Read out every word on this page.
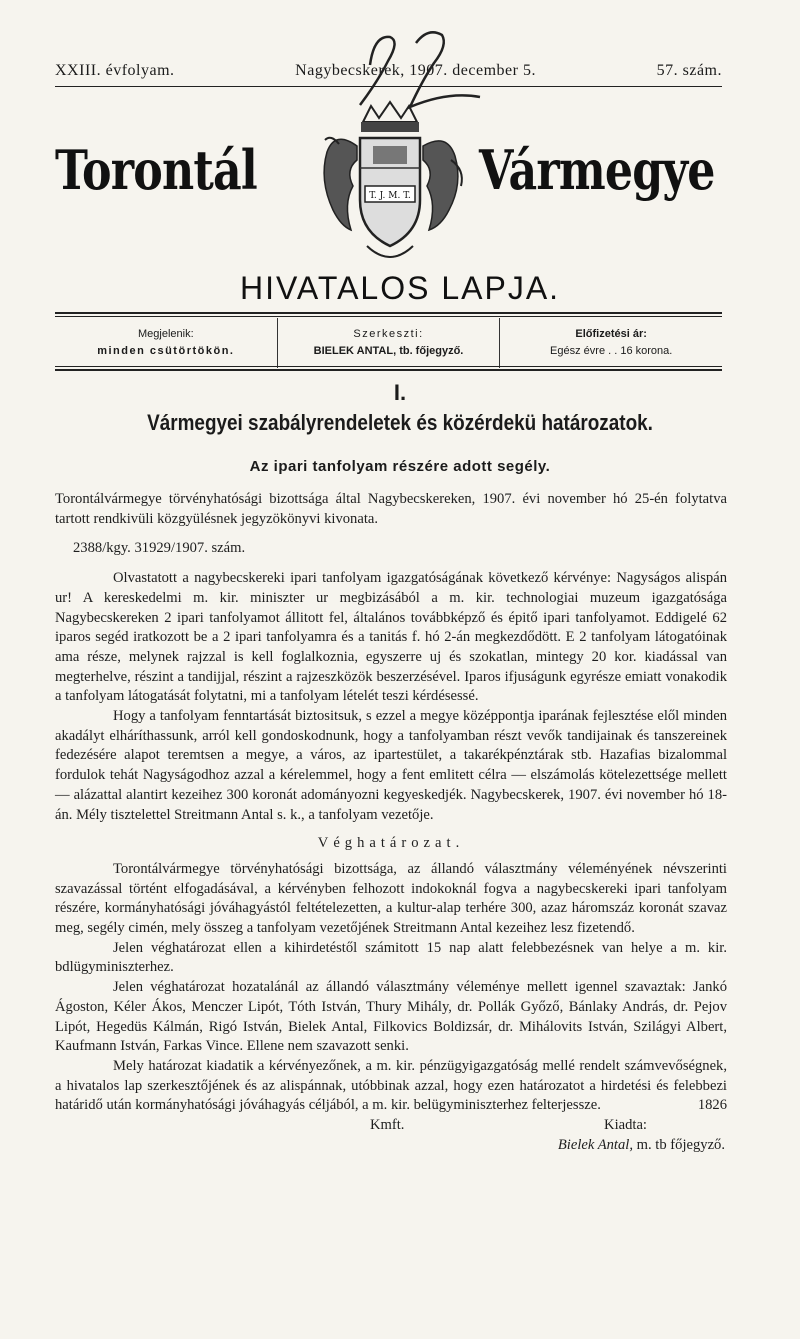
XXIII. évfolyam.	Nagybecskerek, 1907. december 5.	57. szám.
Torontál	T. J. M. T. Vármegye
HIVATALOS LAPJA.
Megjelenik:
minden csütörtökön.
Szerkeszti:
BIELEK ANTAL, tb. főjegyző.
Előfizetési ár:
Egész évre . . 16 korona.
I.
Vármegyei szabályrendeletek és közérdekü határozatok.
Az ipari tanfolyam részére adott segély.

Torontálvármegye törvényhatósági bizottsága által Nagybecskereken, 1907. évi november hó 25-én folytatva tartott rendkivüli közgyülésnek jegyzökönyvi kivonata.

2388/kgy. 31929/1907. szám.

Olvastatott a nagybecskereki ipari tanfolyam igazgatóságának következő kérvénye: Nagyságos alispán ur! A kereskedelmi m. kir. miniszter ur megbizásából a m. kir. technologiai muzeum igazgatósága Nagybecskereken 2 ipari tanfolyamot állitott fel, általános továbbképző és épitő ipari tanfolyamot. Eddigelé 62 iparos segéd iratkozott be a 2 ipari tanfolyamra és a tanitás f. hó 2-án megkezdődött. E 2 tanfolyam látogatóinak ama része, melynek rajzzal is kell foglalkoznia, egyszerre uj és szokatlan, mintegy 20 kor. kiadással van megterhelve, részint a tandijjal, részint a rajzeszközök beszerzésével. Iparos ifjuságunk egyrésze emiatt vonakodik a tanfolyam látogatását folytatni, mi a tanfolyam lételét teszi kérdésessé.

Hogy a tanfolyam fenntartását biztositsuk, s ezzel a megye középpontja iparának fejlesztése elől minden akadályt elháríthassunk, arról kell gondoskodnunk, hogy a tanfolyamban részt vevők tandijainak és tanszereinek fedezésére alapot teremtsen a megye, a város, az ipartestület, a takarékpénztárak stb. Hazafias bizalommal fordulok tehát Nagyságodhoz azzal a kérelemmel, hogy a fent emlitett célra — elszámolás kötelezettsége mellett — alázattal alantirt kezeihez 300 koronát adományozni kegyeskedjék. Nagybecskerek, 1907. évi november hó 18-án. Mély tisztelettel Streitmann Antal s. k., a tanfolyam vezetője.

Véghatározat.

Torontálvármegye törvényhatósági bizottsága, az állandó választmány véleményének névszerinti szavazással történt elfogadásával, a kérvényben felhozott indokoknál fogva a nagybecskereki ipari tanfolyam részére, kormányhatósági jóváhagyástól feltételezetten, a kultur-alap terhére 300, azaz háromszáz koronát szavaz meg, segély cimén, mely összeg a tanfolyam vezetőjének Streitmann Antal kezeihez lesz fizetendő.

Jelen véghatározat ellen a kihirdetéstől számitott 15 nap alatt felebbezésnek van helye a m. kir. bdlügyminiszterhez.

Jelen véghatározat hozatalánál az állandó választmány véleménye mellett igennel szavaztak: Jankó Ágoston, Kéler Ákos, Menczer Lipót, Tóth István, Thury Mihály, dr. Pollák Győző, Bánlaky András, dr. Pejov Lipót, Hegedüs Kálmán, Rigó István, Bielek Antal, Filkovics Boldizsár, dr. Mihálovits István, Szilágyi Albert, Kaufmann István, Farkas Vince. Ellene nem szavazott senki.

Mely határozat kiadatik a kérvényezőnek, a m. kir. pénzügyigazgatóság mellé rendelt számvevőségnek, a hivatalos lap szerkesztőjének és az alispánnak, utóbbinak azzal, hogy ezen határozatot a hirdetési és felebbezi határidő után kormányhatósági jóváhagyás céljából, a m. kir. belügyminiszterhez felterjessze.	1826

Kmft.	Kiadta:
Bielek Antal, m. tb főjegyző.
